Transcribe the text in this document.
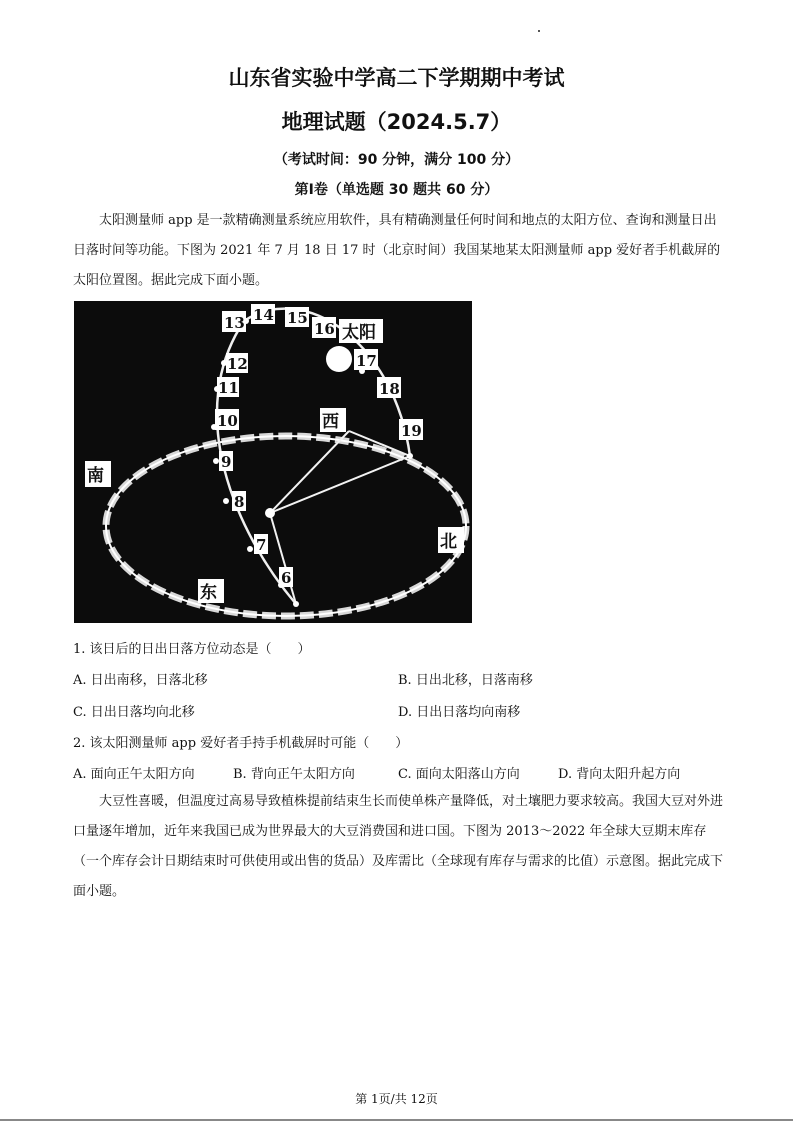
山东省实验中学高二下学期期中考试
地理试题（2024.5.7）
（考试时间：90 分钟，满分 100 分）
第Ⅰ卷（单选题 30 题共 60 分）
太阳测量师 app 是一款精确测量系统应用软件，具有精确测量任何时间和地点的太阳方位、查询和测量日出日落时间等功能。下图为 2021 年 7 月 18 日 17 时（北京时间）我国某地某太阳测量师 app 爱好者手机截屏的太阳位置图。据此完成下面小题。
13 14 15
16 太阳
17
18
19
12
11
10
9
8
7
6
西
南
北
东
1. 该日后的日出日落方位动态是（　　）
A. 日出南移，日落北移	B. 日出北移，日落南移
C. 日出日落均向北移	D. 日出日落均向南移
2. 该太阳测量师 app 爱好者手持手机截屏时可能（　　）
A. 面向正午太阳方向	B. 背向正午太阳方向	C. 面向太阳落山方向	D. 背向太阳升起方向
大豆性喜暖，但温度过高易导致植株提前结束生长而使单株产量降低，对土壤肥力要求较高。我国大豆对外进口量逐年增加，近年来我国已成为世界最大的大豆消费国和进口国。下图为 2013～2022 年全球大豆期末库存（一个库存会计日期结束时可供使用或出售的货品）及库需比（全球现有库存与需求的比值）示意图。据此完成下面小题。
第 1页/共 12页
